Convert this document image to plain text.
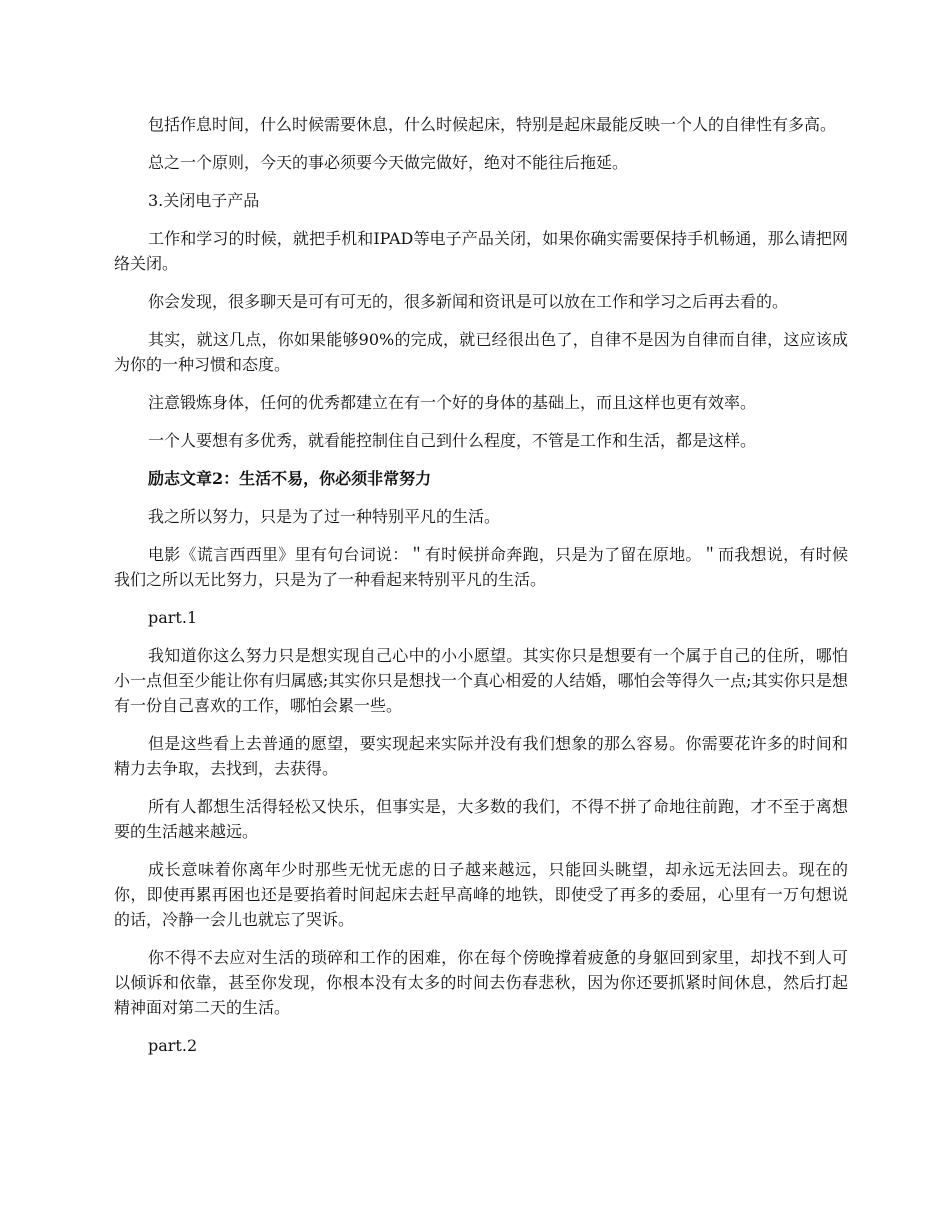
包括作息时间，什么时候需要休息，什么时候起床，特别是起床最能反映一个人的自律性有多高。

总之一个原则，今天的事必须要今天做完做好，绝对不能往后拖延。

3.关闭电子产品

工作和学习的时候，就把手机和IPAD等电子产品关闭，如果你确实需要保持手机畅通，那么请把网络关闭。

你会发现，很多聊天是可有可无的，很多新闻和资讯是可以放在工作和学习之后再去看的。

其实，就这几点，你如果能够90%的完成，就已经很出色了，自律不是因为自律而自律，这应该成为你的一种习惯和态度。

注意锻炼身体，任何的优秀都建立在有一个好的身体的基础上，而且这样也更有效率。

一个人要想有多优秀，就看能控制住自己到什么程度，不管是工作和生活，都是这样。

励志文章2：生活不易，你必须非常努力

我之所以努力，只是为了过一种特别平凡的生活。

电影《谎言西西里》里有句台词说：＂有时候拼命奔跑，只是为了留在原地。＂而我想说，有时候我们之所以无比努力，只是为了一种看起来特别平凡的生活。

part.1

我知道你这么努力只是想实现自己心中的小小愿望。其实你只是想要有一个属于自己的住所，哪怕小一点但至少能让你有归属感;其实你只是想找一个真心相爱的人结婚，哪怕会等得久一点;其实你只是想有一份自己喜欢的工作，哪怕会累一些。

但是这些看上去普通的愿望，要实现起来实际并没有我们想象的那么容易。你需要花许多的时间和精力去争取，去找到，去获得。

所有人都想生活得轻松又快乐，但事实是，大多数的我们，不得不拼了命地往前跑，才不至于离想要的生活越来越远。

成长意味着你离年少时那些无忧无虑的日子越来越远，只能回头眺望，却永远无法回去。现在的你，即使再累再困也还是要掐着时间起床去赶早高峰的地铁，即使受了再多的委屈，心里有一万句想说的话，冷静一会儿也就忘了哭诉。

你不得不去应对生活的琐碎和工作的困难，你在每个傍晚撑着疲惫的身躯回到家里，却找不到人可以倾诉和依靠，甚至你发现，你根本没有太多的时间去伤春悲秋，因为你还要抓紧时间休息，然后打起精神面对第二天的生活。

part.2
